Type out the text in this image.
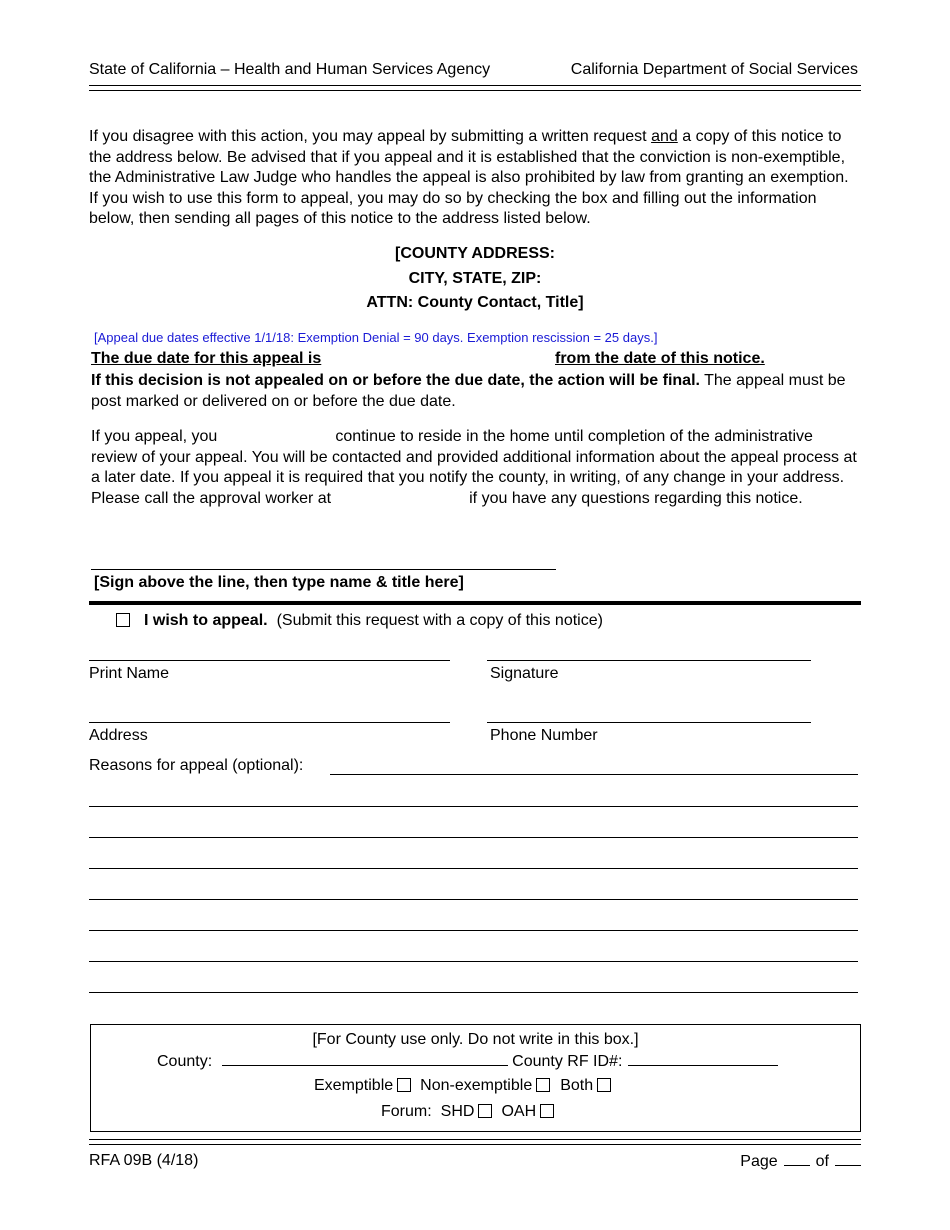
State of California – Health and Human Services Agency	California Department of Social Services
If you disagree with this action, you may appeal by submitting a written request and a copy of this notice to the address below. Be advised that if you appeal and it is established that the conviction is non-exemptible, the Administrative Law Judge who handles the appeal is also prohibited by law from granting an exemption. If you wish to use this form to appeal, you may do so by checking the box and filling out the information below, then sending all pages of this notice to the address listed below.
[COUNTY ADDRESS:
CITY, STATE, ZIP:
ATTN: County Contact, Title]
[Appeal due dates effective 1/1/18: Exemption Denial = 90 days. Exemption rescission = 25 days.]
The due date for this appeal is	from the date of this notice.
If this decision is not appealed on or before the due date, the action will be final. The appeal must be post marked or delivered on or before the due date.
If you appeal, you	continue to reside in the home until completion of the administrative review of your appeal. You will be contacted and provided additional information about the appeal process at a later date. If you appeal it is required that you notify the county, in writing, of any change in your address. Please call the approval worker at	if you have any questions regarding this notice.
[Sign above the line, then type name & title here]
I wish to appeal. (Submit this request with a copy of this notice)
Print Name	Signature
Address	Phone Number
Reasons for appeal (optional):
[For County use only. Do not write in this box.]
County:	County RF ID#:
Exemptible Non-exemptible Both
Forum: SHD OAH
RFA 09B (4/18)	Page of
